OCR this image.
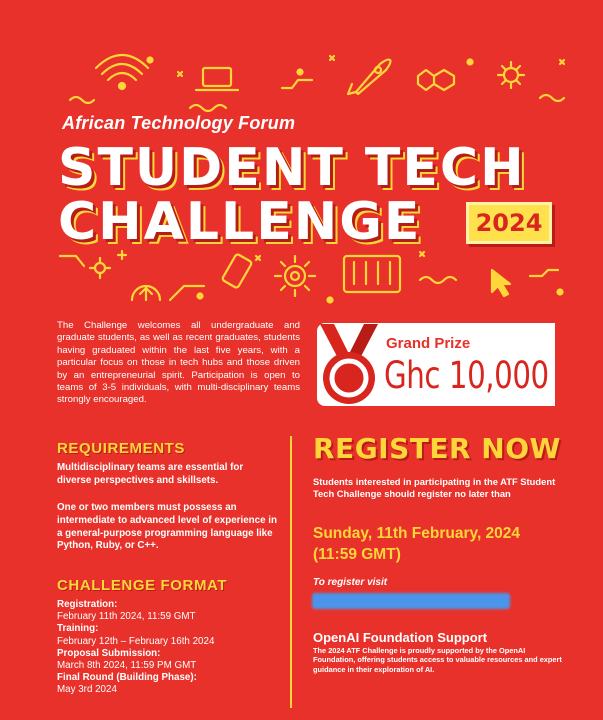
African Technology Forum
STUDENT TECH
CHALLENGE	2024
The Challenge welcomes all undergraduate and graduate students, as well as recent graduates, students having graduated within the last five years, with a particular focus on those in tech hubs and those driven by an entrepreneurial spirit. Participation is open to teams of 3-5 individuals, with multi-disciplinary teams strongly encouraged.
Grand Prize
Ghc 10,000
REQUIREMENTS
Multidisciplinary teams are essential for diverse perspectives and skillsets.
One or two members must possess an intermediate to advanced level of experience in a general-purpose programming language like Python, Ruby, or C++.
CHALLENGE FORMAT
Registration:
February 11th 2024, 11:59 GMT
Training:
February 12th – February 16th 2024
Proposal Submission:
March 8th 2024, 11:59 PM GMT
Final Round (Building Phase):
May 3rd 2024
REGISTER NOW
Students interested in participating in the ATF Student Tech Challenge should register no later than
Sunday, 11th February, 2024
(11:59 GMT)
To register visit
OpenAI Foundation Support
The 2024 ATF Challenge is proudly supported by the OpenAI Foundation, offering students access to valuable resources and expert guidance in their exploration of AI.
